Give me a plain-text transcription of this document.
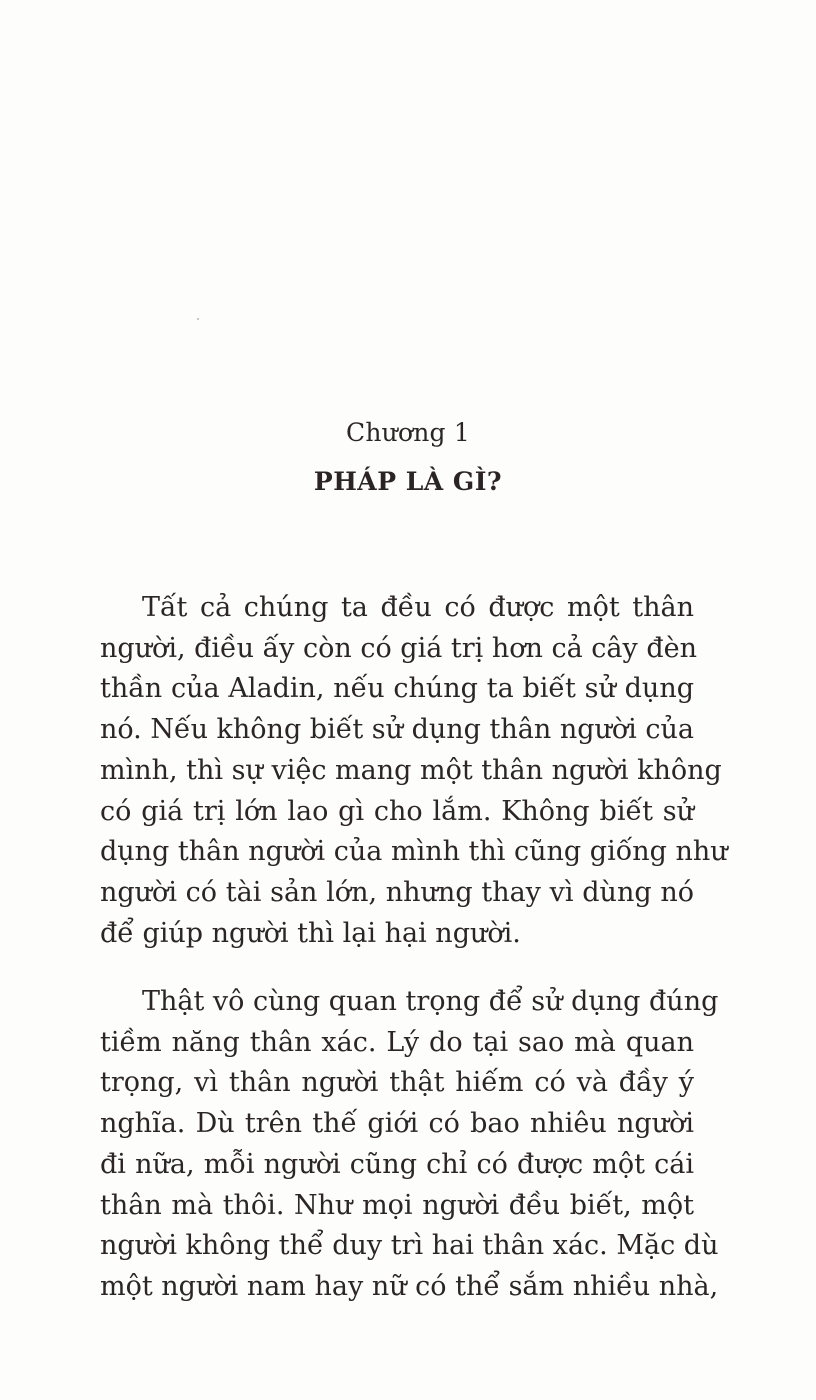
Chương 1
PHÁP LÀ GÌ?
Tất cả chúng ta đều có được một thân
người, điều ấy còn có giá trị hơn cả cây đèn
thần của Aladin, nếu chúng ta biết sử dụng
nó. Nếu không biết sử dụng thân người của
mình, thì sự việc mang một thân người không
có giá trị lớn lao gì cho lắm. Không biết sử
dụng thân người của mình thì cũng giống như
người có tài sản lớn, nhưng thay vì dùng nó
để giúp người thì lại hại người.
Thật vô cùng quan trọng để sử dụng đúng
tiềm năng thân xác. Lý do tại sao mà quan
trọng, vì thân người thật hiếm có và đầy ý
nghĩa. Dù trên thế giới có bao nhiêu người
đi nữa, mỗi người cũng chỉ có được một cái
thân mà thôi. Như mọi người đều biết, một
người không thể duy trì hai thân xác. Mặc dù
một người nam hay nữ có thể sắm nhiều nhà,
